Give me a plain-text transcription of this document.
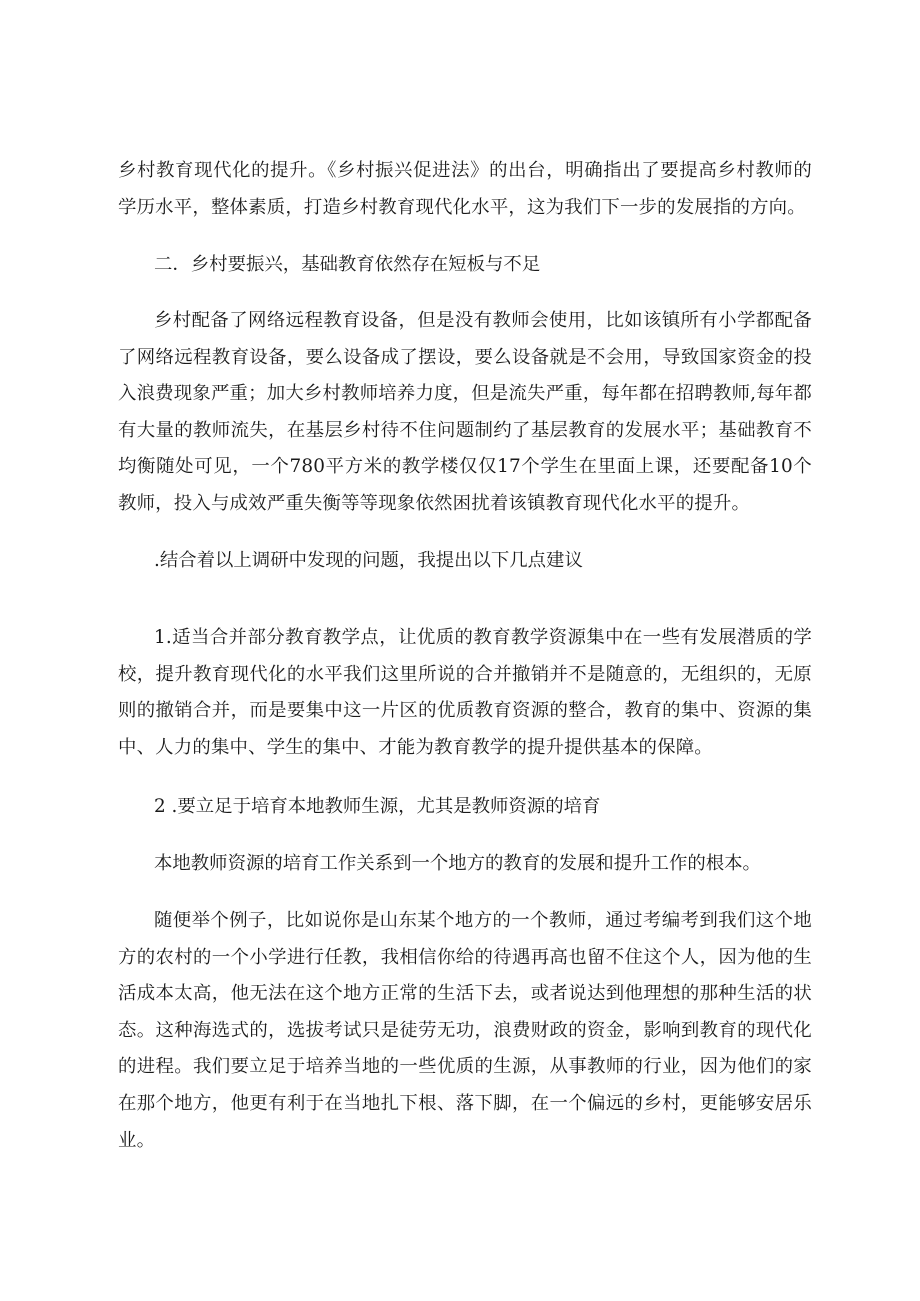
乡村教育现代化的提升。《乡村振兴促进法》的出台，明确指出了要提高乡村教师的学历水平，整体素质，打造乡村教育现代化水平，这为我们下一步的发展指的方向。

二．乡村要振兴，基础教育依然存在短板与不足

乡村配备了网络远程教育设备，但是没有教师会使用，比如该镇所有小学都配备了网络远程教育设备，要么设备成了摆设，要么设备就是不会用，导致国家资金的投入浪费现象严重；加大乡村教师培养力度，但是流失严重，每年都在招聘教师,每年都有大量的教师流失，在基层乡村待不住问题制约了基层教育的发展水平；基础教育不均衡随处可见，一个780平方米的教学楼仅仅17个学生在里面上课，还要配备10个教师，投入与成效严重失衡等等现象依然困扰着该镇教育现代化水平的提升。

.结合着以上调研中发现的问题，我提出以下几点建议

1.适当合并部分教育教学点，让优质的教育教学资源集中在一些有发展潜质的学校，提升教育现代化的水平我们这里所说的合并撤销并不是随意的，无组织的，无原则的撤销合并，而是要集中这一片区的优质教育资源的整合，教育的集中、资源的集中、人力的集中、学生的集中、才能为教育教学的提升提供基本的保障。

2 .要立足于培育本地教师生源，尤其是教师资源的培育

本地教师资源的培育工作关系到一个地方的教育的发展和提升工作的根本。

随便举个例子，比如说你是山东某个地方的一个教师，通过考编考到我们这个地方的农村的一个小学进行任教，我相信你给的待遇再高也留不住这个人，因为他的生活成本太高，他无法在这个地方正常的生活下去，或者说达到他理想的那种生活的状态。这种海选式的，选拔考试只是徒劳无功，浪费财政的资金，影响到教育的现代化的进程。我们要立足于培养当地的一些优质的生源，从事教师的行业，因为他们的家在那个地方，他更有利于在当地扎下根、落下脚，在一个偏远的乡村，更能够安居乐业。
